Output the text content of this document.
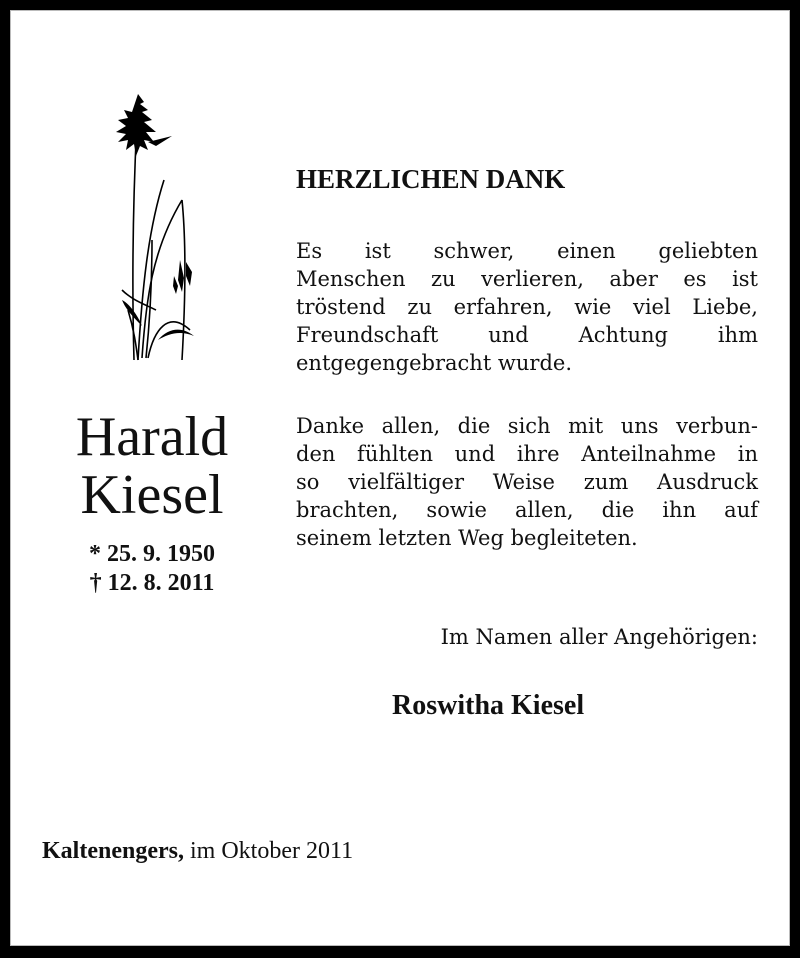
Harald
Kiesel
* 25. 9. 1950
† 12. 8. 2011
HERZLICHEN DANK
Es ist schwer, einen geliebten
Menschen zu verlieren, aber es ist
tröstend zu erfahren, wie viel Liebe,
Freundschaft und Achtung ihm
entgegengebracht wurde.
Danke allen, die sich mit uns verbun-
den fühlten und ihre Anteilnahme in
so vielfältiger Weise zum Ausdruck
brachten, sowie allen, die ihn auf
seinem letzten Weg begleiteten.
Im Namen aller Angehörigen:
Roswitha Kiesel
Kaltenengers, im Oktober 2011
